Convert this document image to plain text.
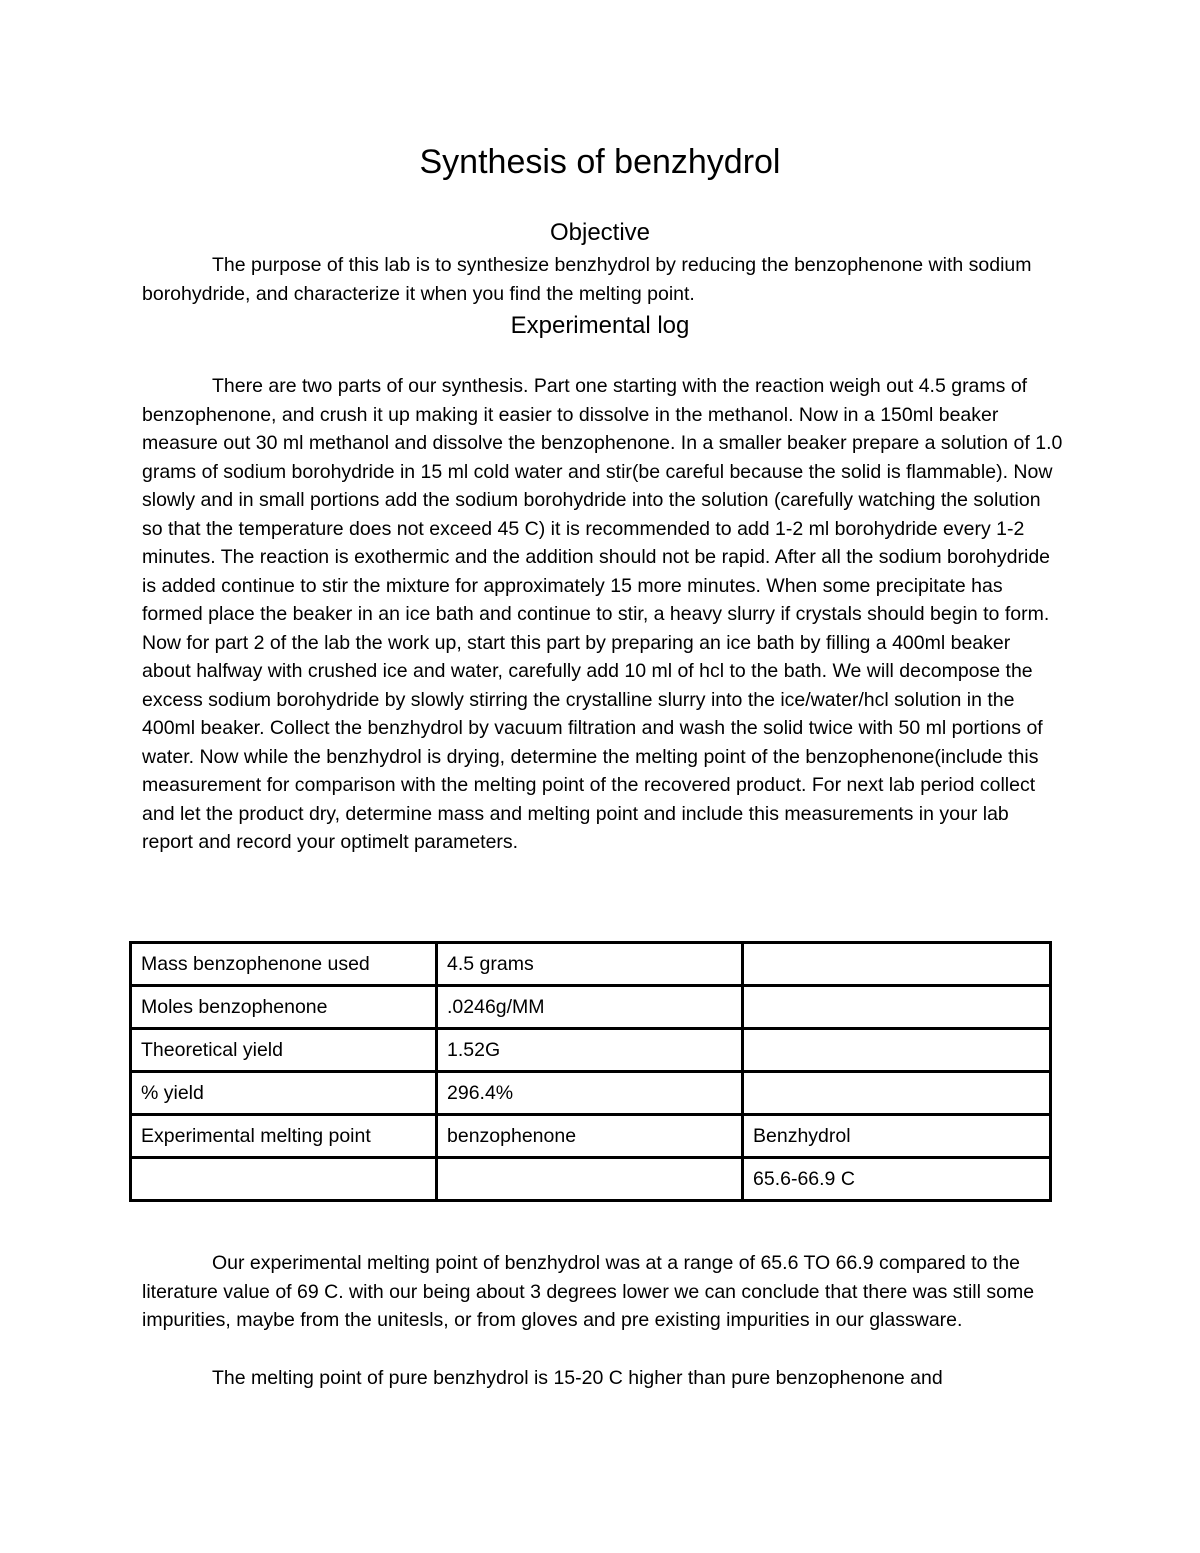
Synthesis of benzhydrol
Objective

The purpose of this lab is to synthesize benzhydrol by reducing the benzophenone with sodium borohydride, and characterize it when you find the melting point.

Experimental log

There are two parts of our synthesis. Part one starting with the reaction weigh out 4.5 grams of benzophenone, and crush it up making it easier to dissolve in the methanol. Now in a 150ml beaker measure out 30 ml methanol and dissolve the benzophenone. In a smaller beaker prepare a solution of 1.0 grams of sodium borohydride in 15 ml cold water and stir(be careful because the solid is flammable). Now slowly and in small portions add the sodium borohydride into the solution (carefully watching the solution so that the temperature does not exceed 45 C) it is recommended to add 1-2 ml borohydride every 1-2 minutes. The reaction is exothermic and the addition should not be rapid. After all the sodium borohydride is added continue to stir the mixture for approximately 15 more minutes. When some precipitate has formed place the beaker in an ice bath and continue to stir, a heavy slurry if crystals should begin to form. Now for part 2 of the lab the work up, start this part by preparing an ice bath by filling a 400ml beaker about halfway with crushed ice and water, carefully add 10 ml of hcl to the bath. We will decompose the excess sodium borohydride by slowly stirring the crystalline slurry into the ice/water/hcl solution in the 400ml beaker. Collect the benzhydrol by vacuum filtration and wash the solid twice with 50 ml portions of water. Now while the benzhydrol is drying, determine the melting point of the benzophenone(include this measurement for comparison with the melting point of the recovered product. For next lab period collect and let the product dry, determine mass and melting point and include this measurements in your lab report and record your optimelt parameters.

Mass benzophenone used	4.5 grams	
Moles benzophenone	.0246g/MM	
Theoretical yield	1.52G	
% yield	296.4%	
Experimental melting point	benzophenone	Benzhydrol
		65.6-66.9 C

Our experimental melting point of benzhydrol was at a range of 65.6 TO 66.9 compared to the literature value of 69 C. with our being about 3 degrees lower we can conclude that there was still some impurities, maybe from the unitesls, or from gloves and pre existing impurities in our glassware.

The melting point of pure benzhydrol is 15-20 C higher than pure benzophenone and
